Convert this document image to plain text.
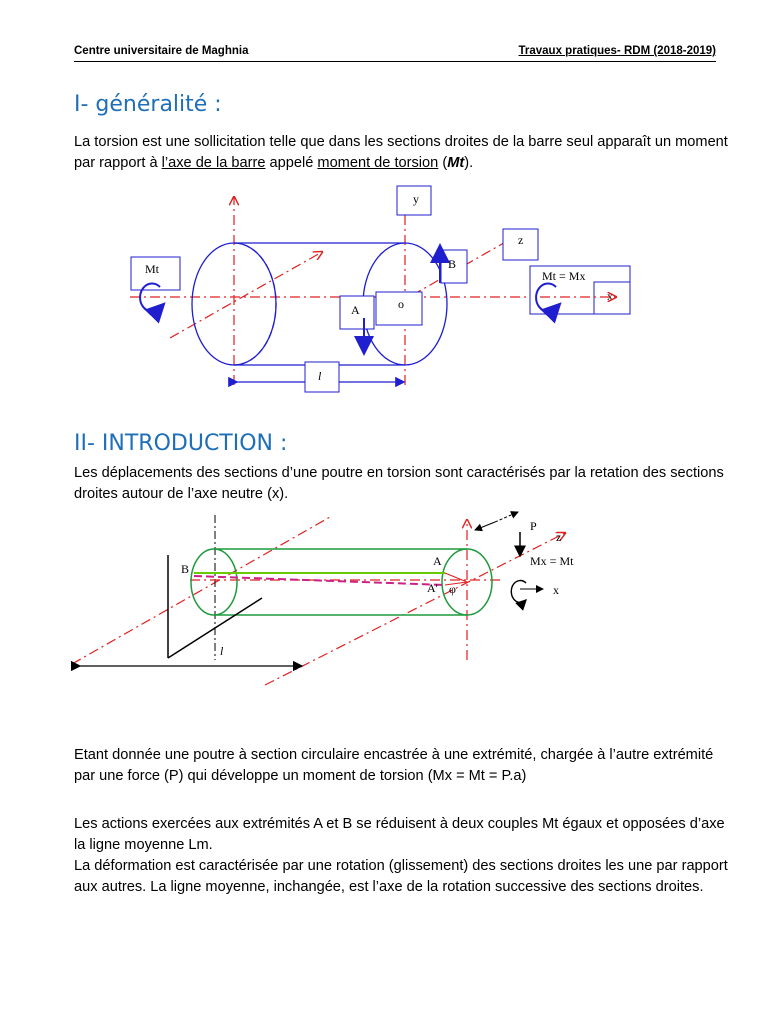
Centre universitaire de Maghnia	Travaux pratiques- RDM (2018-2019)
I- généralité :
La torsion est une sollicitation telle que dans les sections droites de la barre seul apparaît un moment par rapport à l’axe de la barre appelé moment de torsion (Mt).
l
Mt
y
z
B
A	o
Mt = Mx
x
II- INTRODUCTION :
Les déplacements des sections d’une poutre en torsion sont caractérisés par la retation des sections droites autour de l’axe neutre (x).
B
A
A' φ
P
z
Mx = Mt
x
l
Etant donnée une poutre à section circulaire encastrée à une extrémité, chargée à l’autre extrémité par une force (P) qui développe un moment de torsion (Mx = Mt = P.a)
Les actions exercées aux extrémités A et B se réduisent à deux couples Mt égaux et opposées d’axe la ligne moyenne Lm.
La déformation est caractérisée par une rotation (glissement) des sections droites les une par rapport aux autres. La ligne moyenne, inchangée, est l’axe de la rotation successive des sections droites.
